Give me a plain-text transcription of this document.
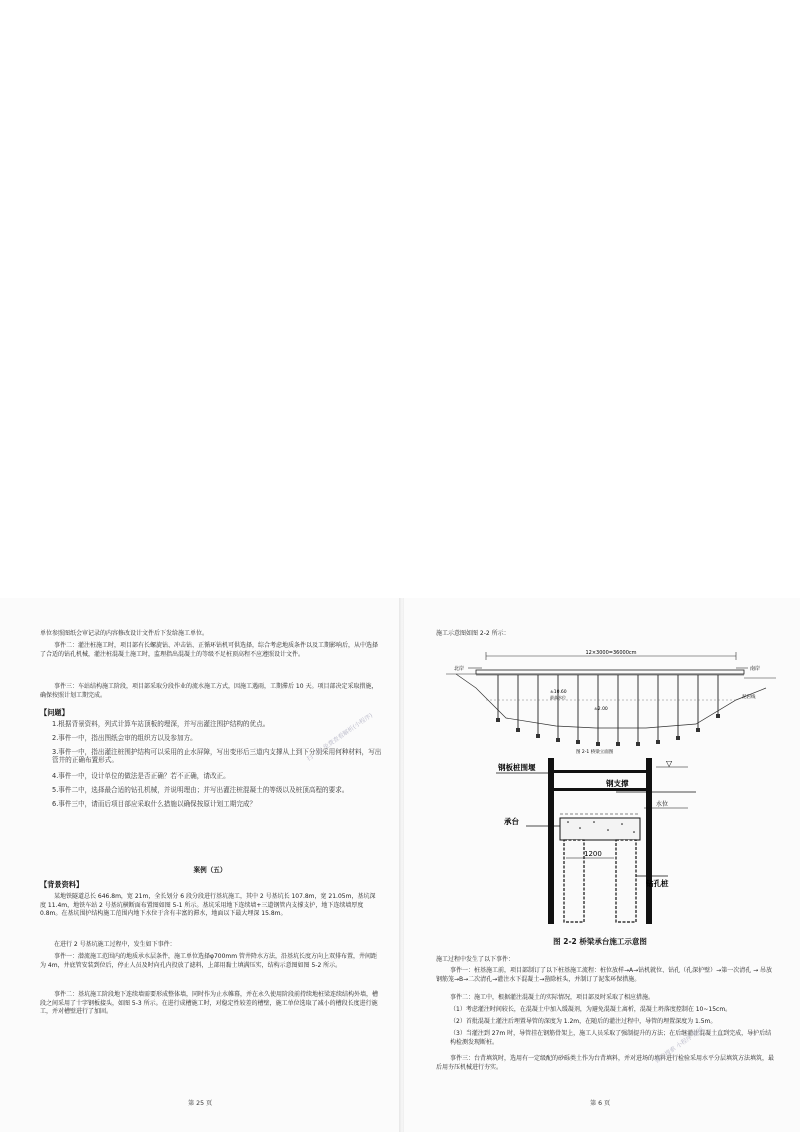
单位参照图纸会审记录的内容修改设计文件后下发给施工单位。
事件二：灌注桩施工时，项目部有长螺旋钻、冲击钻、正循环钻机可供选择，综合考虑地质条件以及工期影响后，从中选择了合适的钻孔机械，灌注桩混凝土施工时，监理指出混凝土的等级不足桩顶高程不应遵照设计文件。
事件三：车站结构施工阶段，项目部采取分段作业的流水施工方式，因施工遇雨，工期滞后 10 天。项目部决定采取措施，确保按照计划工期完成。
【问题】
1.根据背景资料，列式计算车站顶板的埋深，并写出灌注围护结构的优点。
2.事件一中，指出图纸会审的组织方以及参加方。
3.事件一中，指出灌注桩围护结构可以采用的止水屏障，写出变形后三道内支撑从上到下分别采用何种材料，写出管井的正确布置形式。
4.事件一中，设计单位的做法是否正确？若不正确，请改正。
5.事件二中，选择最合适的钻孔机械，并说明理由；并写出灌注桩混凝土的等级以及桩顶高程的要求。
6.事件三中，请而后项目部应采取什么措施以确保按原计划工期完成？
扫一扫 免费查看解析(小程序)
案例（五）
【背景资料】
某地铁隧道总长 646.8m，宽 21m，全长划分 6 段分段进行基坑施工，其中 2 号基坑长 107.8m，宽 21.05m，基坑深度 11.4m，地铁车站 2 号基坑横断面布置图如图 5-1 所示。基坑采用地下连续墙+三道钢管内支撑支护，地下连续墙厚度 0.8m。在基坑围护结构施工范围内地下水位于含有丰富的滞水，地面以下最大埋深 15.8m。
在进行 2 号基坑施工过程中，发生如下事件：
事件一：潜流施工范围内的地质承水层条件，施工单位选择φ700mm 管井降水方法，沿基坑长度方向上双排布置，井间距为 4m，井底管安装到位后，停止人员及时向孔内投放了滤料，上部用黏土填满压实，结构示意图如图 5-2 所示。
事件二：基坑施工阶段地下连续墙需要形成整体墙，同时作为止水帷幕，并在永久使用阶段前持续地桩梁连续结构外墙，槽段之间采用了十字钢板接头，如图 5-3 所示。在进行成槽施工时，对稳定性较差的槽壁，施工单位选取了减小的槽段长度进行施工，并对槽壁进行了加固。
第 25 页
施工示意图如图 2-2 所示：
12×3000=36000cm
北岸	南岸
±10.60
最高水位
±2.00
泥岩线
图 2-1 桥梁立面图
钢板桩围堰
钢支撑
水位
▽
承台
1200
钻孔桩
图 2-2 桥梁承台施工示意图
施工过程中发生了以下事件：
事件一：桩基施工前，项目部制订了以下桩基施工流程：桩位放样→A→钻机就位、钻孔（孔深护壁）→第一次清孔 → 吊放钢筋笼→B→二次清孔→灌注水下混凝土→凿除桩头，并制订了泥浆环保措施。
事件二：施工中，根据灌注混凝土的实际情况，项目部及时采取了相应措施。
（1）考虑灌注时间较长，在混凝土中加入缓凝剂，为避免混凝土离析，混凝土坍落度控制在 10~15cm。
（2）首批混凝土灌注后埋置导管的深度为 1.2m，在随后的灌注过程中，导管的埋置深度为 1.5m。
（3）当灌注到 27m 时，导管挂在钢筋骨架上，施工人员采取了强制提升的方法；在后继灌注混凝土直到完成，导护后结构检测发现断桩。
事件三：台背填筑时，选用有一定级配的砂砾类土作为台背填料，并对进场的填料进行检验采用水平分层填筑方法填筑，最后用夯压机械进行夯实。
微信搜索 小程序 解析
第 6 页
